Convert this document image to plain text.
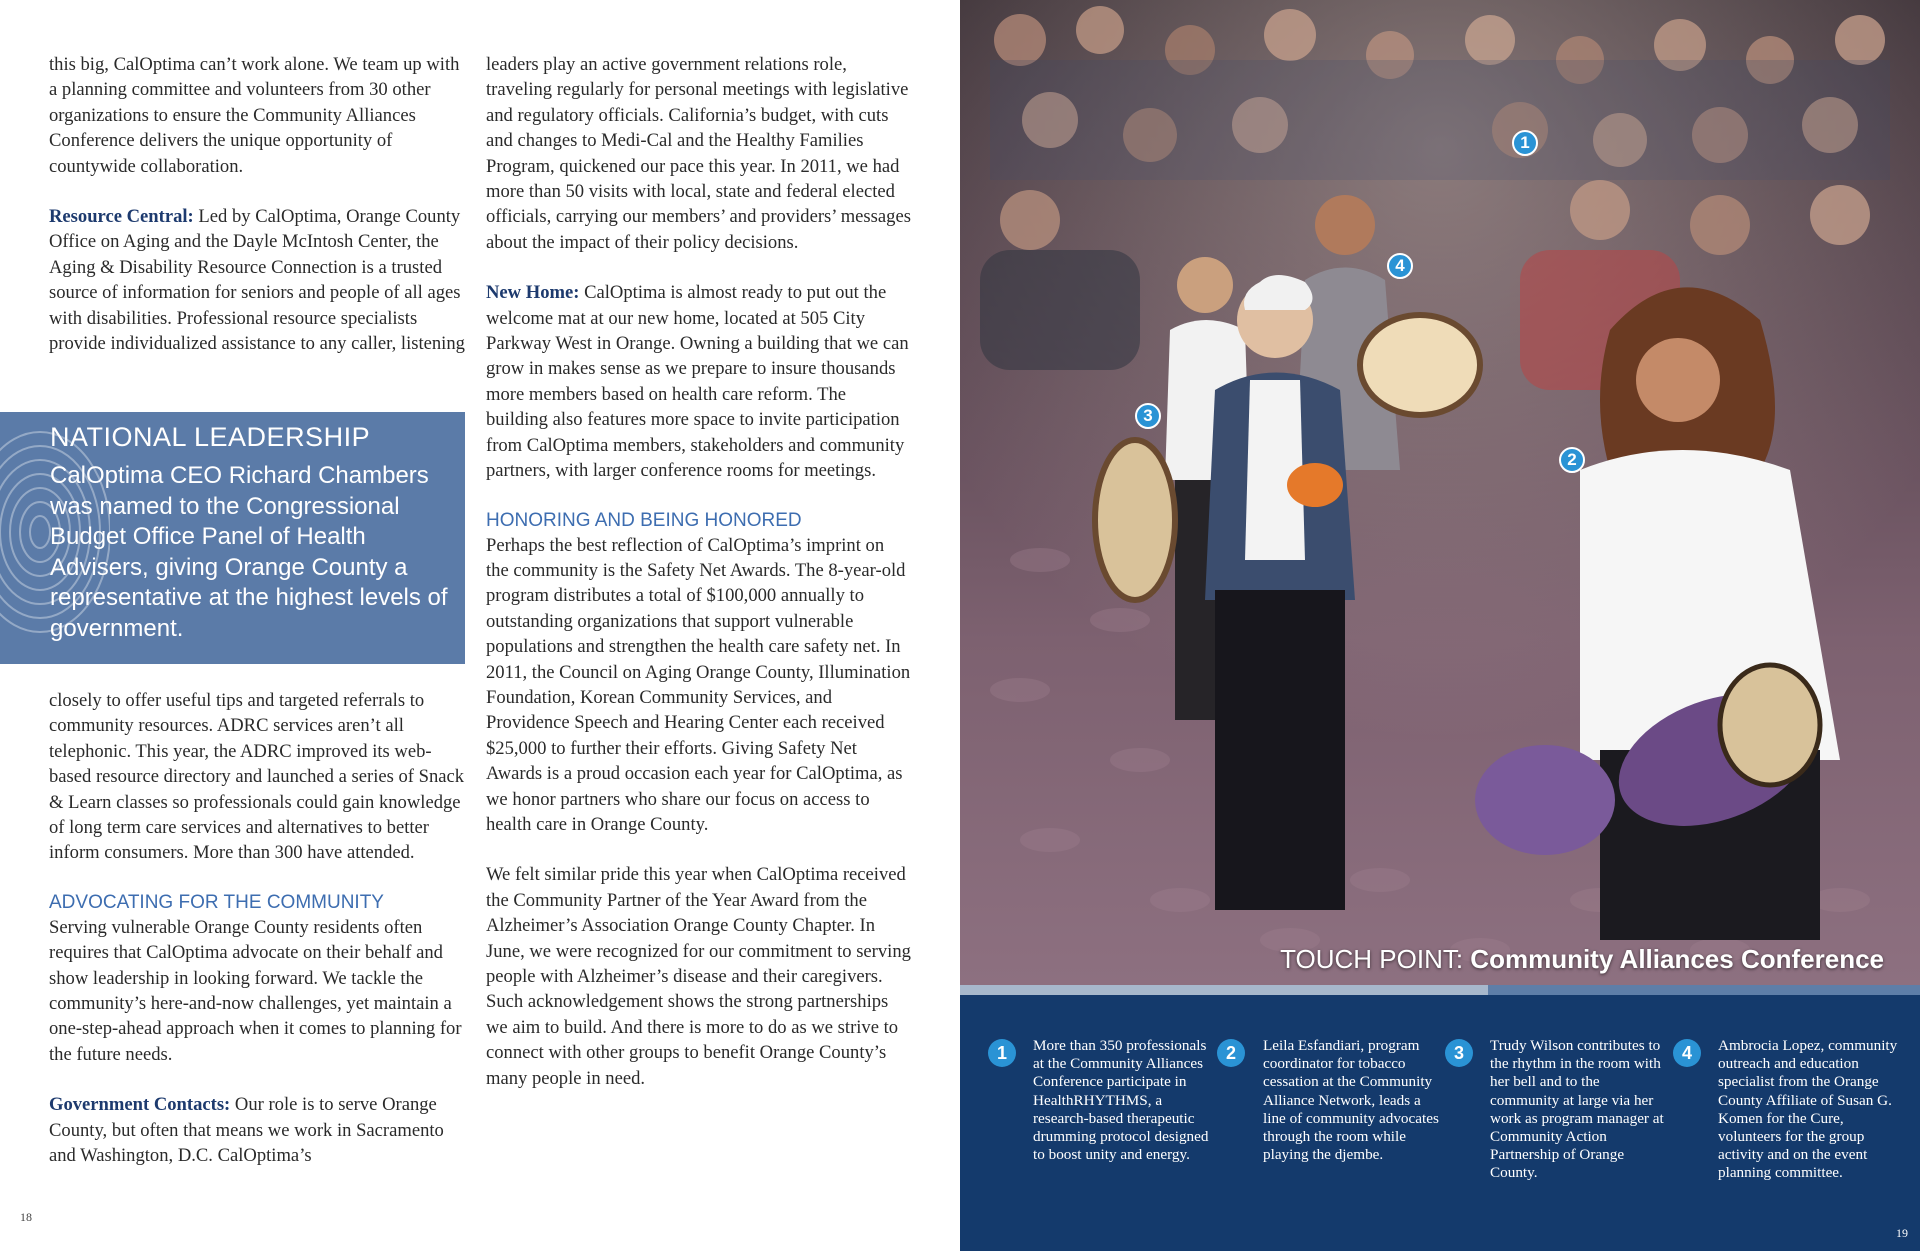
this big, CalOptima can’t work alone. We team up with a planning committee and volunteers from 30 other organizations to ensure the Community Alliances Conference delivers the unique opportunity of countywide collaboration.

Resource Central: Led by CalOptima, Orange County Office on Aging and the Dayle McIntosh Center, the Aging & Disability Resource Connection is a trusted source of information for seniors and people of all ages with disabilities. Professional resource specialists provide individualized assistance to any caller, listening

NATIONAL LEADERSHIP
CalOptima CEO Richard Chambers was named to the Congressional Budget Office Panel of Health Advisers, giving Orange County a representative at the highest levels of government.

closely to offer useful tips and targeted referrals to community resources. ADRC services aren’t all telephonic. This year, the ADRC improved its web-based resource directory and launched a series of Snack & Learn classes so professionals could gain knowledge of long term care services and alternatives to better inform consumers. More than 300 have attended.

ADVOCATING FOR THE COMMUNITY

Serving vulnerable Orange County residents often requires that CalOptima advocate on their behalf and show leadership in looking forward. We tackle the community’s here-and-now challenges, yet maintain a one-step-ahead approach when it comes to planning for the future needs.

Government Contacts: Our role is to serve Orange County, but often that means we work in Sacramento and Washington, D.C. CalOptima’s

leaders play an active government relations role, traveling regularly for personal meetings with legislative and regulatory officials. California’s budget, with cuts and changes to Medi-Cal and the Healthy Families Program, quickened our pace this year. In 2011, we had more than 50 visits with local, state and federal elected officials, carrying our members’ and providers’ messages about the impact of their policy decisions.

New Home: CalOptima is almost ready to put out the welcome mat at our new home, located at 505 City Parkway West in Orange. Owning a building that we can grow in makes sense as we prepare to insure thousands more members based on health care reform. The building also features more space to invite participation from CalOptima members, stakeholders and community partners, with larger conference rooms for meetings.

HONORING AND BEING HONORED

Perhaps the best reflection of CalOptima’s imprint on the community is the Safety Net Awards. The 8-year-old program distributes a total of $100,000 annually to outstanding organizations that support vulnerable populations and strengthen the health care safety net. In 2011, the Council on Aging Orange County, Illumination Foundation, Korean Community Services, and Providence Speech and Hearing Center each received $25,000 to further their efforts. Giving Safety Net Awards is a proud occasion each year for CalOptima, as we honor partners who share our focus on access to health care in Orange County.

We felt similar pride this year when CalOptima received the Community Partner of the Year Award from the Alzheimer’s Association Orange County Chapter. In June, we were recognized for our commitment to serving people with Alzheimer’s disease and their caregivers. Such acknowledgement shows the strong partnerships we aim to build. And there is more to do as we strive to connect with other groups to benefit Orange County’s many people in need.

18
1
2
3
4
TOUCH POINT: Community Alliances Conference
1	More than 350 professionals at the Community Alliances Conference participate in HealthRHYTHMS, a research-based therapeutic drumming protocol designed to boost unity and energy.
2	Leila Esfandiari, program coordinator for tobacco cessation at the Community Alliance Network, leads a line of community advocates through the room while playing the djembe.
3	Trudy Wilson contributes to the rhythm in the room with her bell and to the community at large via her work as program manager at Community Action Partnership of Orange County.
4	Ambrocia Lopez, community outreach and education specialist from the Orange County Affiliate of Susan G. Komen for the Cure, volunteers for the group activity and on the event planning committee.
19
